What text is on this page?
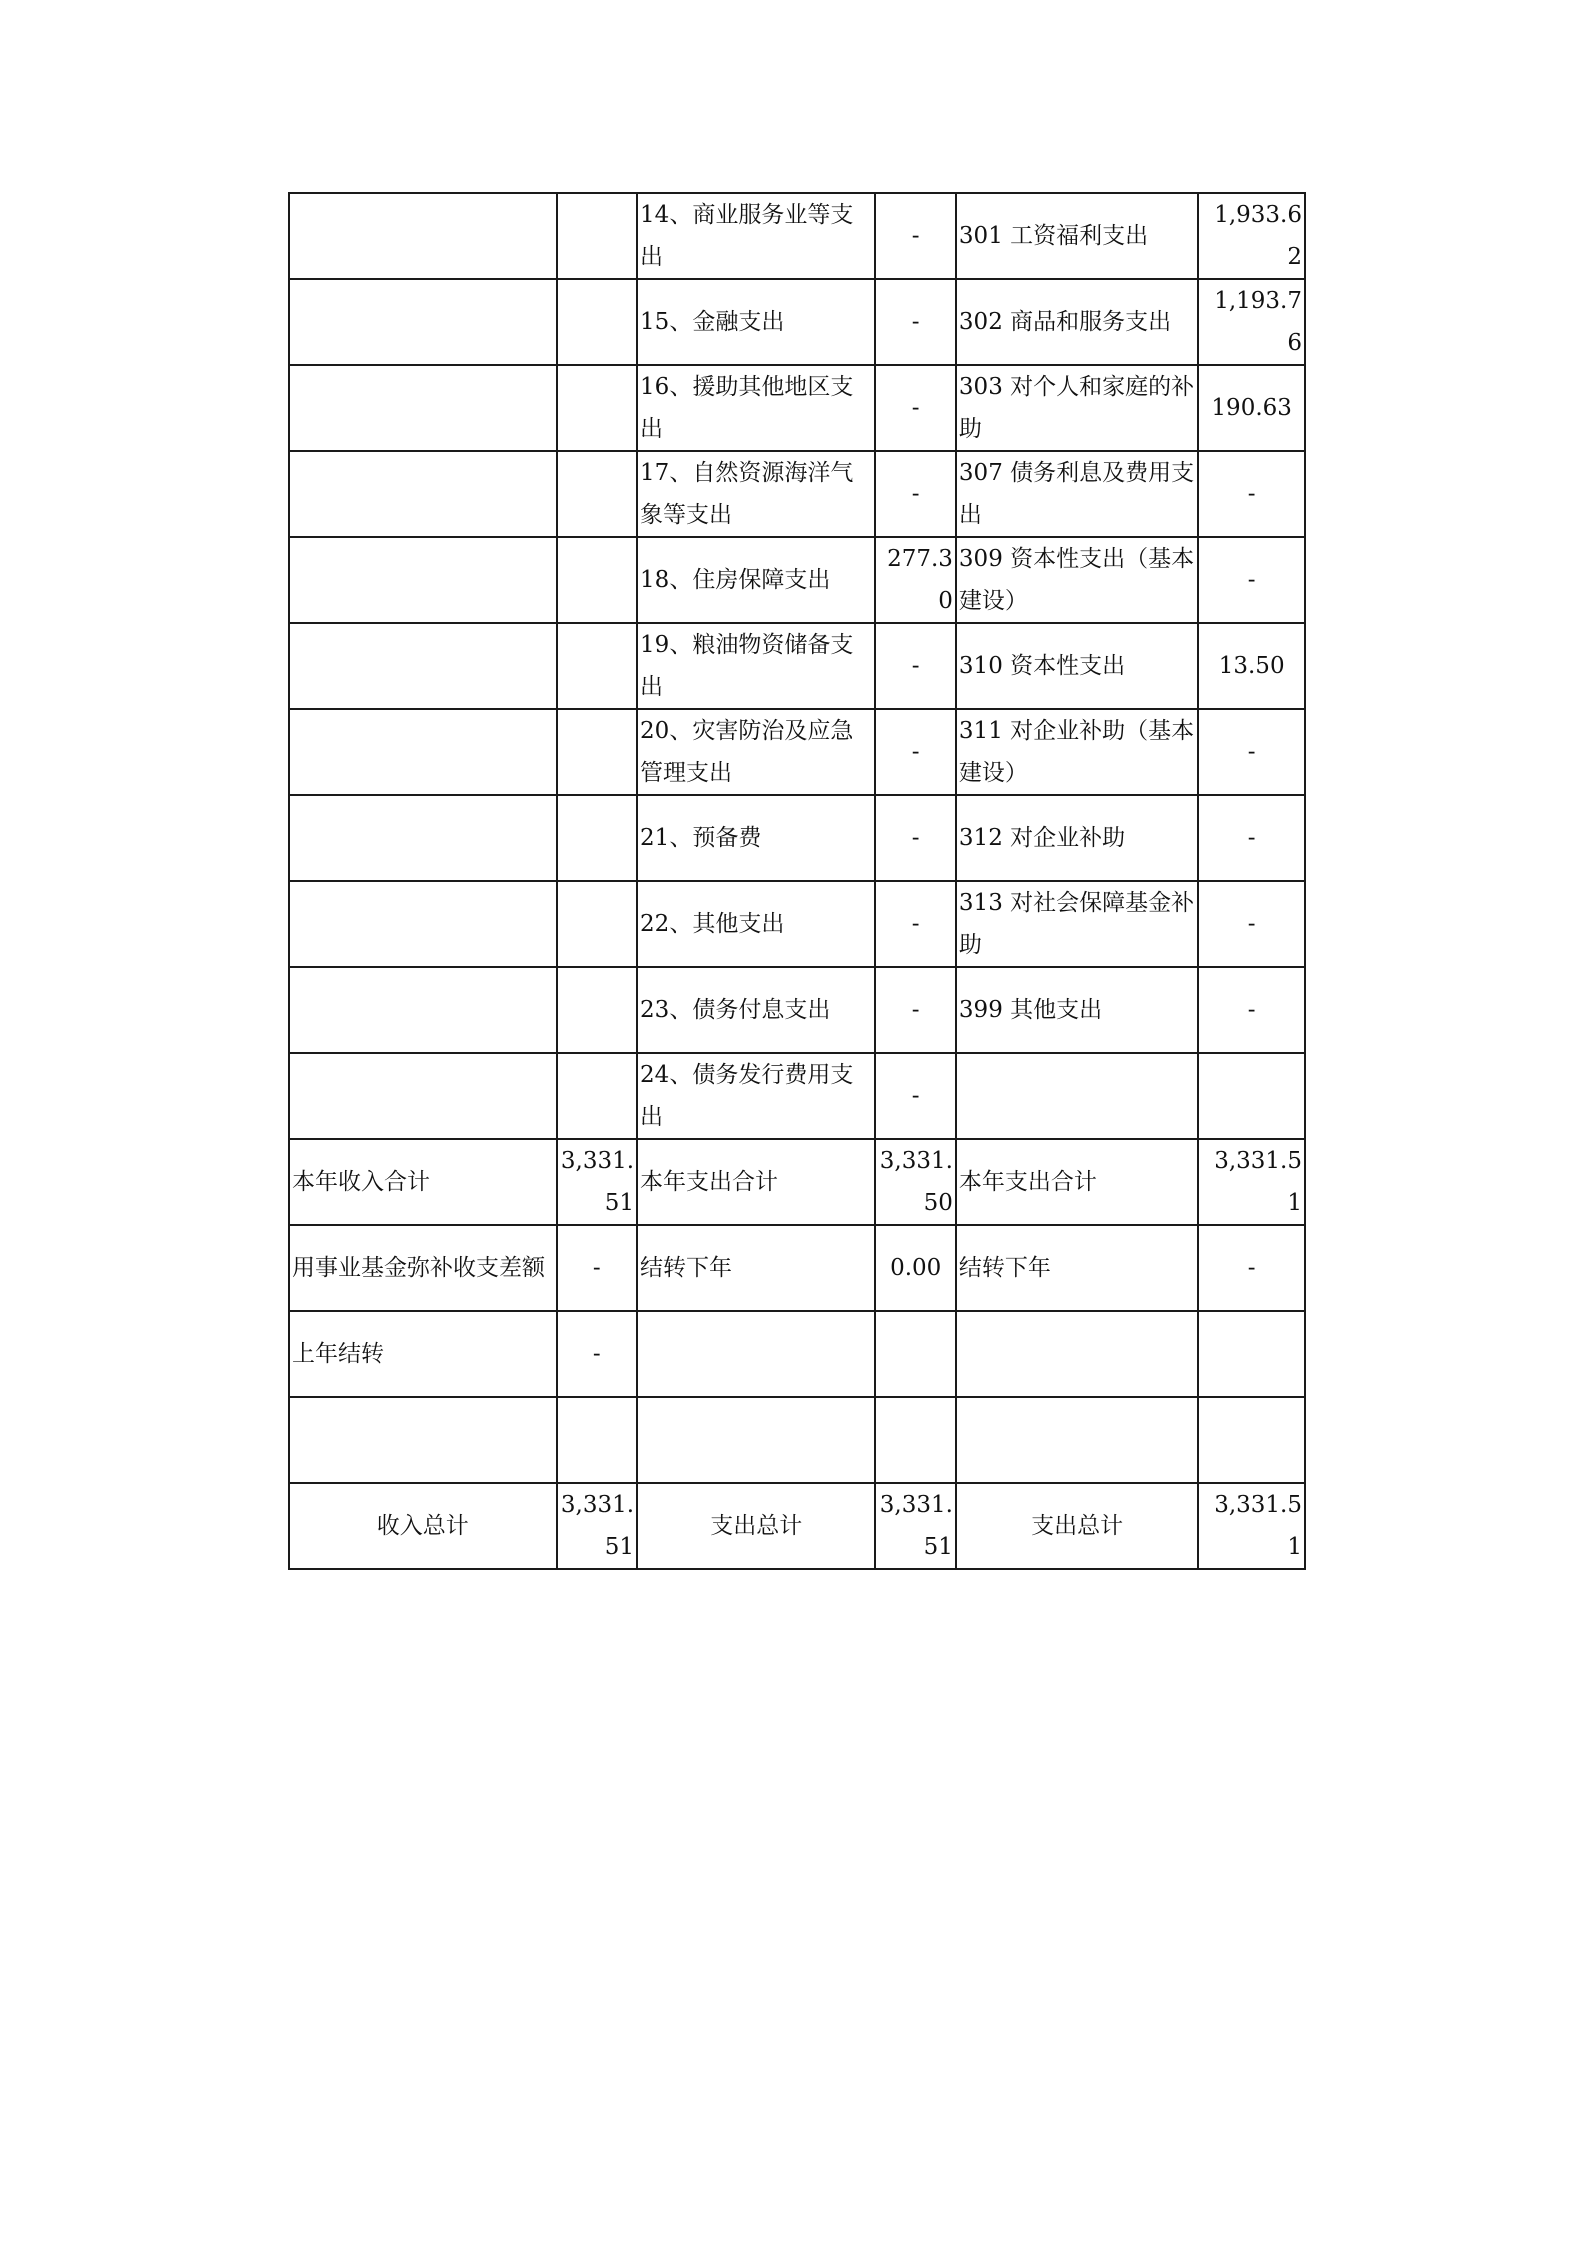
		14、商业服务业等支出	-	301 工资福利支出	1,933.62
		15、金融支出	-	302 商品和服务支出	1,193.76
		16、援助其他地区支出	-	303 对个人和家庭的补助	190.63
		17、自然资源海洋气象等支出	-	307 债务利息及费用支出	-
		18、住房保障支出	277.30	309 资本性支出（基本建设）	-
		19、粮油物资储备支出	-	310 资本性支出	13.50
		20、灾害防治及应急管理支出	-	311 对企业补助（基本建设）	-
		21、预备费	-	312 对企业补助	-
		22、其他支出	-	313 对社会保障基金补助	-
		23、债务付息支出	-	399 其他支出	-
		24、债务发行费用支出	-		
本年收入合计	3,331.51	本年支出合计	3,331.50	本年支出合计	3,331.51
用事业基金弥补收支差额	-	结转下年	0.00	结转下年	-
上年结转	-				

收入总计	3,331.51	支出总计	3,331.51	支出总计	3,331.51
